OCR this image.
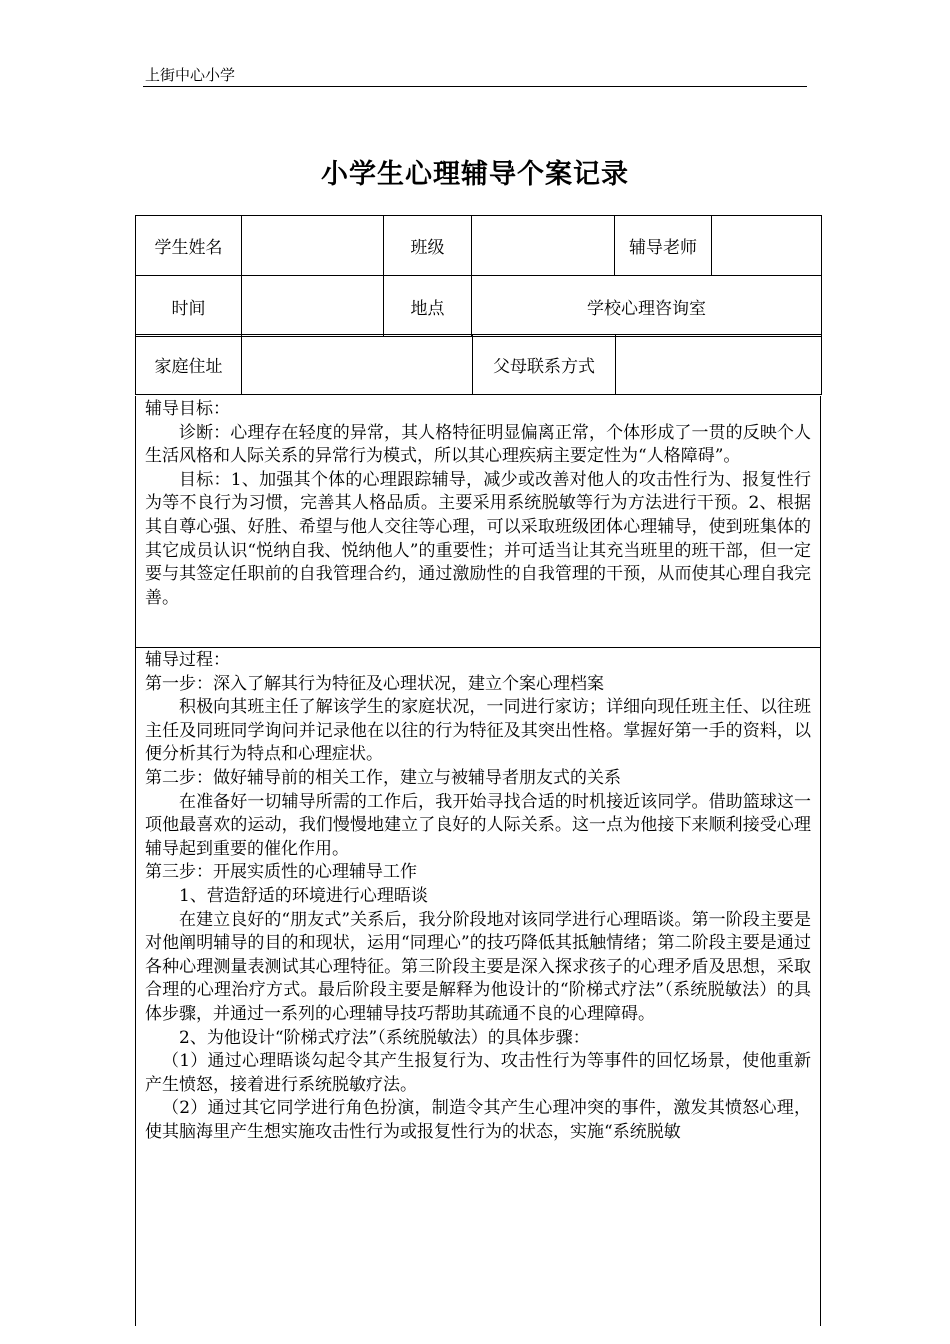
上街中心小学
小学生心理辅导个案记录
学生姓名		班级		辅导老师	
时间		地点	学校心理咨询室		
家庭住址		父母联系方式	

辅导目标：

诊断：心理存在轻度的异常，其人格特征明显偏离正常，个体形成了一贯的反映个人生活风格和人际关系的异常行为模式，所以其心理疾病主要定性为“人格障碍”。

目标：1、加强其个体的心理跟踪辅导，减少或改善对他人的攻击性行为、报复性行为等不良行为习惯，完善其人格品质。主要采用系统脱敏等行为方法进行干预。2、根据其自尊心强、好胜、希望与他人交往等心理，可以采取班级团体心理辅导，使到班集体的其它成员认识“悦纳自我、悦纳他人”的重要性；并可适当让其充当班里的班干部，但一定要与其签定任职前的自我管理合约，通过激励性的自我管理的干预，从而使其心理自我完善。

辅导过程：

第一步：深入了解其行为特征及心理状况，建立个案心理档案

积极向其班主任了解该学生的家庭状况，一同进行家访；详细向现任班主任、以往班主任及同班同学询问并记录他在以往的行为特征及其突出性格。掌握好第一手的资料，以便分析其行为特点和心理症状。

第二步：做好辅导前的相关工作，建立与被辅导者朋友式的关系

在准备好一切辅导所需的工作后，我开始寻找合适的时机接近该同学。借助篮球这一项他最喜欢的运动，我们慢慢地建立了良好的人际关系。这一点为他接下来顺利接受心理辅导起到重要的催化作用。

第三步：开展实质性的心理辅导工作

1、营造舒适的环境进行心理晤谈

在建立良好的“朋友式”关系后，我分阶段地对该同学进行心理晤谈。第一阶段主要是对他阐明辅导的目的和现状，运用“同理心”的技巧降低其抵触情绪；第二阶段主要是通过各种心理测量表测试其心理特征。第三阶段主要是深入探求孩子的心理矛盾及思想，采取合理的心理治疗方式。最后阶段主要是解释为他设计的“阶梯式疗法”（系统脱敏法）的具体步骤，并通过一系列的心理辅导技巧帮助其疏通不良的心理障碍。

2、为他设计“阶梯式疗法”（系统脱敏法）的具体步骤：

（1）通过心理晤谈勾起令其产生报复行为、攻击性行为等事件的回忆场景，使他重新产生愤怒，接着进行系统脱敏疗法。

（2）通过其它同学进行角色扮演，制造令其产生心理冲突的事件，激发其愤怒心理，使其脑海里产生想实施攻击性行为或报复性行为的状态，实施“系统脱敏
